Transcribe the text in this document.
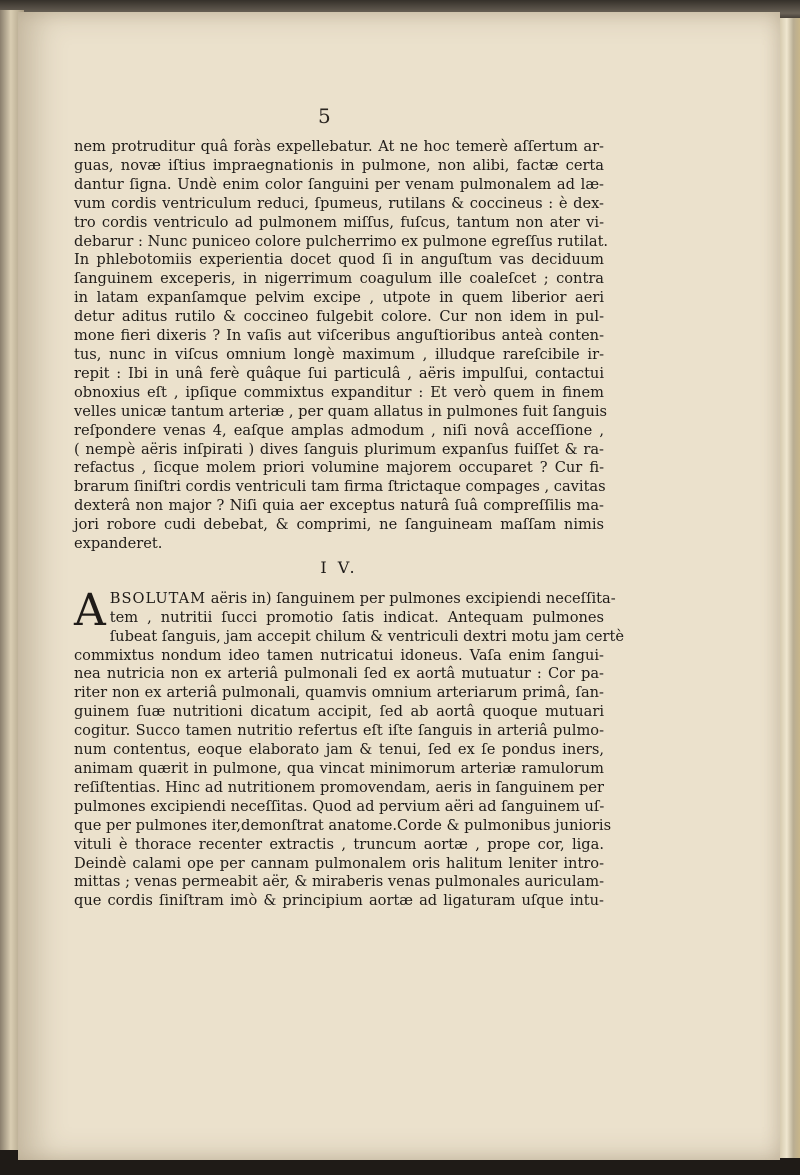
5
nem protruditur quâ foràs expellebatur. At ne hoc temerè aſſertum ar-
guas, novæ iſtius impraegnationis in pulmone, non alibi, factæ certa
dantur ſigna. Undè enim color ſanguini per venam pulmonalem ad læ-
vum cordis ventriculum reduci, ſpumeus, rutilans & coccineus : è dex-
tro cordis ventriculo ad pulmonem miſſus, fuſcus, tantum non ater vi-
debarur : Nunc puniceo colore pulcherrimo ex pulmone egreſſus rutilat.
In phlebotomiis experientia docet quod ſi in anguſtum vas deciduum
ſanguinem exceperis, in nigerrimum coagulum ille coaleſcet ; contra
in latam expanſamque pelvim excipe , utpote in quem liberior aeri
detur aditus rutilo & coccineo fulgebit colore. Cur non idem in pul-
mone fieri dixeris ? In vaſis aut viſceribus anguſtioribus anteà conten-
tus, nunc in viſcus omnium longè maximum , illudque rareſcibile ir-
repit : Ibi in unâ ferè quâque ſui particulâ , aëris impulſui, contactui
obnoxius eſt , ipſique commixtus expanditur : Et verò quem in finem
velles unicæ tantum arteriæ , per quam allatus in pulmones fuit ſanguis
reſpondere venas 4, eaſque amplas admodum , niſi novâ acceſſione ,
( nempè aëris inſpirati ) dives ſanguis plurimum expanſus fuiſſet & ra-
refactus , ſicque molem priori volumine majorem occuparet ? Cur fi-
brarum ſiniſtri cordis ventriculi tam firma ſtrictaque compages , cavitas
dexterâ non major ? Niſi quia aer exceptus naturâ ſuâ compreſſilis ma-
jori robore cudi debebat, & comprimi, ne ſanguineam maſſam nimis
expanderet.
I V.
A BSOLUTAM aëris in) ſanguinem per pulmones excipiendi neceſſita-
tem , nutritii ſucci promotio ſatis indicat. Antequam pulmones
ſubeat ſanguis, jam accepit chilum & ventriculi dextri motu jam certè
commixtus nondum ideo tamen nutricatui idoneus. Vaſa enim ſangui-
nea nutricia non ex arteriâ pulmonali ſed ex aortâ mutuatur : Cor pa-
riter non ex arteriâ pulmonali, quamvis omnium arteriarum primâ, ſan-
guinem ſuæ nutritioni dicatum accipit, ſed ab aortâ quoque mutuari
cogitur. Succo tamen nutritio refertus eſt iſte ſanguis in arteriâ pulmo-
num contentus, eoque elaborato jam & tenui, ſed ex ſe pondus iners,
animam quærit in pulmone, qua vincat minimorum arteriæ ramulorum
reſiſtentias. Hinc ad nutritionem promovendam, aeris in ſanguinem per
pulmones excipiendi neceſſitas. Quod ad pervium aëri ad ſanguinem uſ-
que per pulmones iter,demonſtrat anatome.Corde & pulmonibus junioris
vituli è thorace recenter extractis , truncum aortæ , prope cor, liga.
Deindè calami ope per cannam pulmonalem oris halitum leniter intro-
mittas ; venas permeabit aër, & miraberis venas pulmonales auriculam-
que cordis ſiniſtram imò & principium aortæ ad ligaturam uſque intu-
